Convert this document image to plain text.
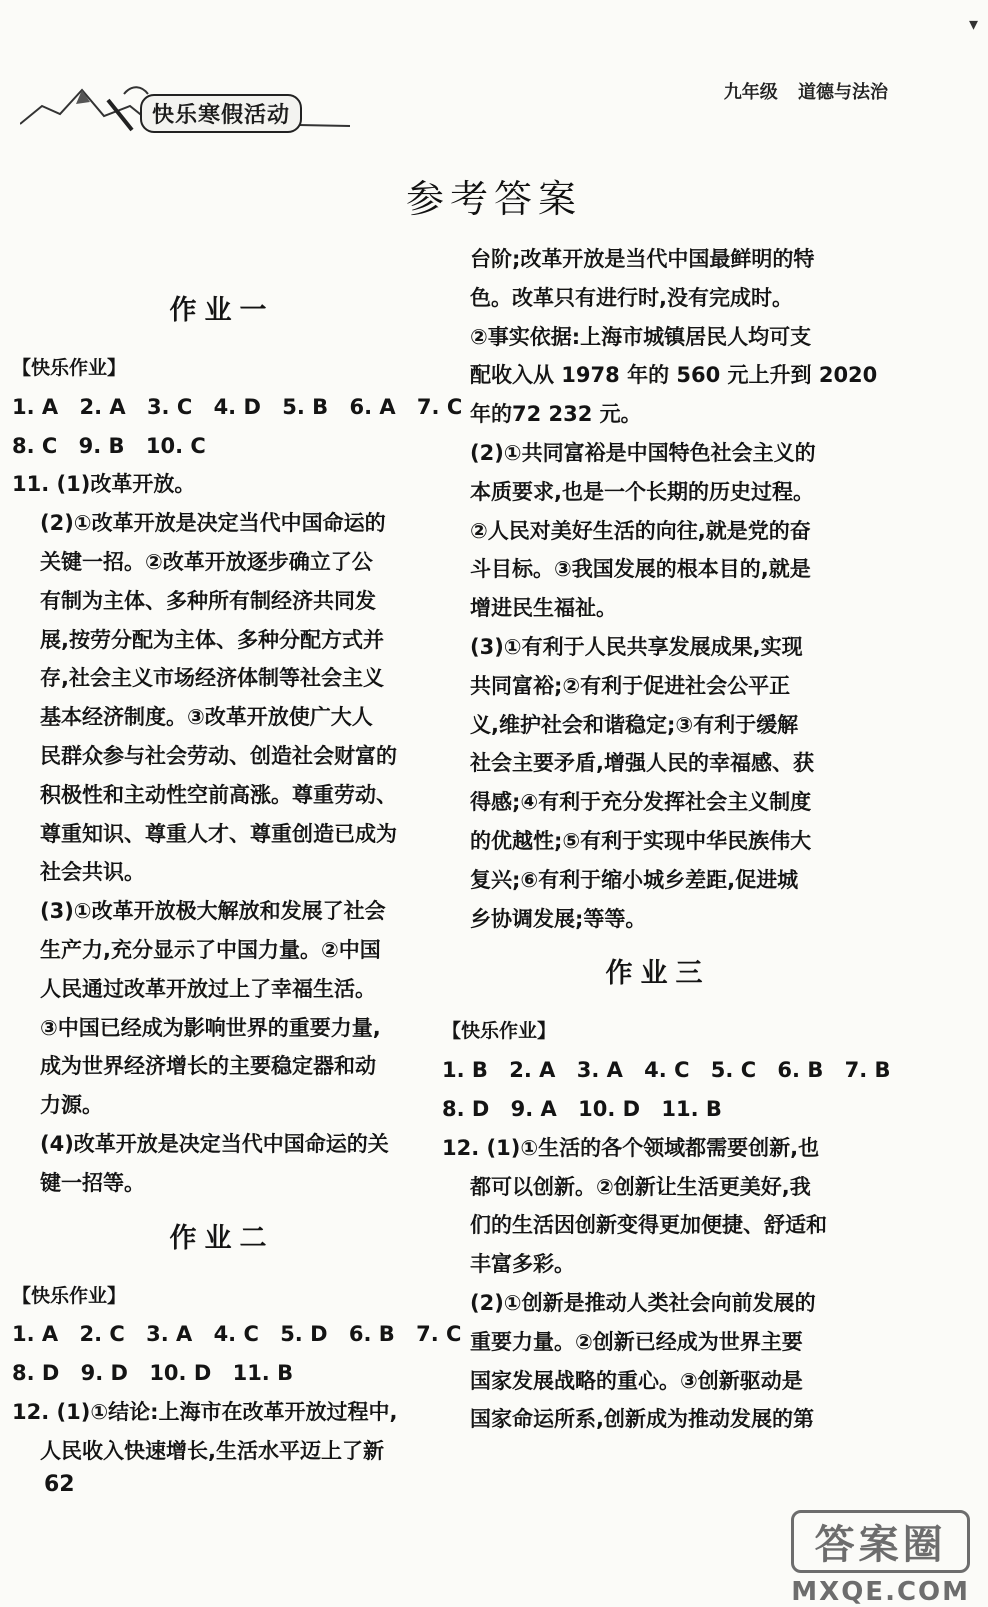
▾
快乐寒假活动
九年级 道德与法治
参考答案
作业一
【快乐作业】
1. A 2. A 3. C 4. D 5. B 6. A 7. C
8. C 9. B 10. C
11. (1)改革开放。
(2)①改革开放是决定当代中国命运的
关键一招。②改革开放逐步确立了公
有制为主体、多种所有制经济共同发
展,按劳分配为主体、多种分配方式并
存,社会主义市场经济体制等社会主义
基本经济制度。③改革开放使广大人
民群众参与社会劳动、创造社会财富的
积极性和主动性空前高涨。尊重劳动、
尊重知识、尊重人才、尊重创造已成为
社会共识。
(3)①改革开放极大解放和发展了社会
生产力,充分显示了中国力量。②中国
人民通过改革开放过上了幸福生活。
③中国已经成为影响世界的重要力量,
成为世界经济增长的主要稳定器和动
力源。
(4)改革开放是决定当代中国命运的关
键一招等。
作业二
【快乐作业】
1. A 2. C 3. A 4. C 5. D 6. B 7. C
8. D 9. D 10. D 11. B
12. (1)①结论:上海市在改革开放过程中,
人民收入快速增长,生活水平迈上了新
台阶;改革开放是当代中国最鲜明的特
色。改革只有进行时,没有完成时。
②事实依据:上海市城镇居民人均可支
配收入从 1978 年的 560 元上升到 2020
年的72 232 元。
(2)①共同富裕是中国特色社会主义的
本质要求,也是一个长期的历史过程。
②人民对美好生活的向往,就是党的奋
斗目标。③我国发展的根本目的,就是
增进民生福祉。
(3)①有利于人民共享发展成果,实现
共同富裕;②有利于促进社会公平正
义,维护社会和谐稳定;③有利于缓解
社会主要矛盾,增强人民的幸福感、获
得感;④有利于充分发挥社会主义制度
的优越性;⑤有利于实现中华民族伟大
复兴;⑥有利于缩小城乡差距,促进城
乡协调发展;等等。
作业三
【快乐作业】
1. B 2. A 3. A 4. C 5. C 6. B 7. B
8. D 9. A 10. D 11. B
12. (1)①生活的各个领域都需要创新,也
都可以创新。②创新让生活更美好,我
们的生活因创新变得更加便捷、舒适和
丰富多彩。
(2)①创新是推动人类社会向前发展的
重要力量。②创新已经成为世界主要
国家发展战略的重心。③创新驱动是
国家命运所系,创新成为推动发展的第
62
答案圈
MXQE.COM
